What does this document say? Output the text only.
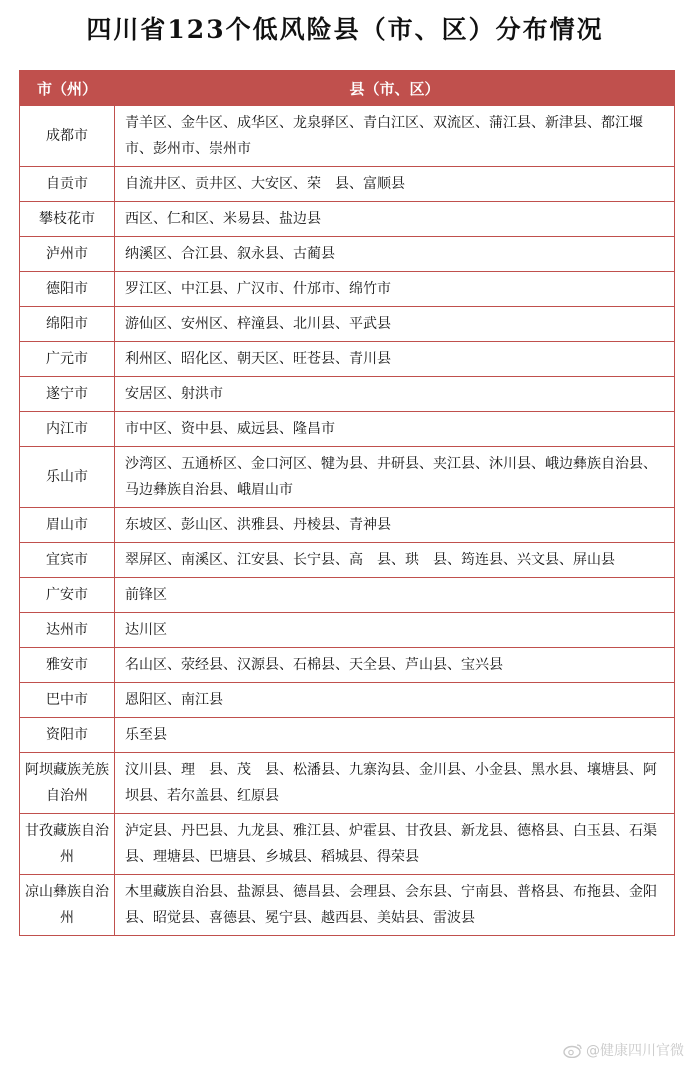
四川省123个低风险县（市、区）分布情况
市（州）	县（市、区）
成都市	青羊区、金牛区、成华区、龙泉驿区、青白江区、双流区、蒲江县、新津县、都江堰市、彭州市、崇州市
自贡市	自流井区、贡井区、大安区、荣　县、富顺县
攀枝花市	西区、仁和区、米易县、盐边县
泸州市	纳溪区、合江县、叙永县、古蔺县
德阳市	罗江区、中江县、广汉市、什邡市、绵竹市
绵阳市	游仙区、安州区、梓潼县、北川县、平武县
广元市	利州区、昭化区、朝天区、旺苍县、青川县
遂宁市	安居区、射洪市
内江市	市中区、资中县、威远县、隆昌市
乐山市	沙湾区、五通桥区、金口河区、犍为县、井研县、夹江县、沐川县、峨边彝族自治县、马边彝族自治县、峨眉山市
眉山市	东坡区、彭山区、洪雅县、丹棱县、青神县
宜宾市	翠屏区、南溪区、江安县、长宁县、高　县、珙　县、筠连县、兴文县、屏山县
广安市	前锋区
达州市	达川区
雅安市	名山区、荥经县、汉源县、石棉县、天全县、芦山县、宝兴县
巴中市	恩阳区、南江县
资阳市	乐至县
阿坝藏族羌族自治州	汶川县、理　县、茂　县、松潘县、九寨沟县、金川县、小金县、黑水县、壤塘县、阿坝县、若尔盖县、红原县
甘孜藏族自治州	泸定县、丹巴县、九龙县、雅江县、炉霍县、甘孜县、新龙县、德格县、白玉县、石渠县、理塘县、巴塘县、乡城县、稻城县、得荣县
凉山彝族自治州	木里藏族自治县、盐源县、德昌县、会理县、会东县、宁南县、普格县、布拖县、金阳县、昭觉县、喜德县、冕宁县、越西县、美姑县、雷波县
@健康四川官微
